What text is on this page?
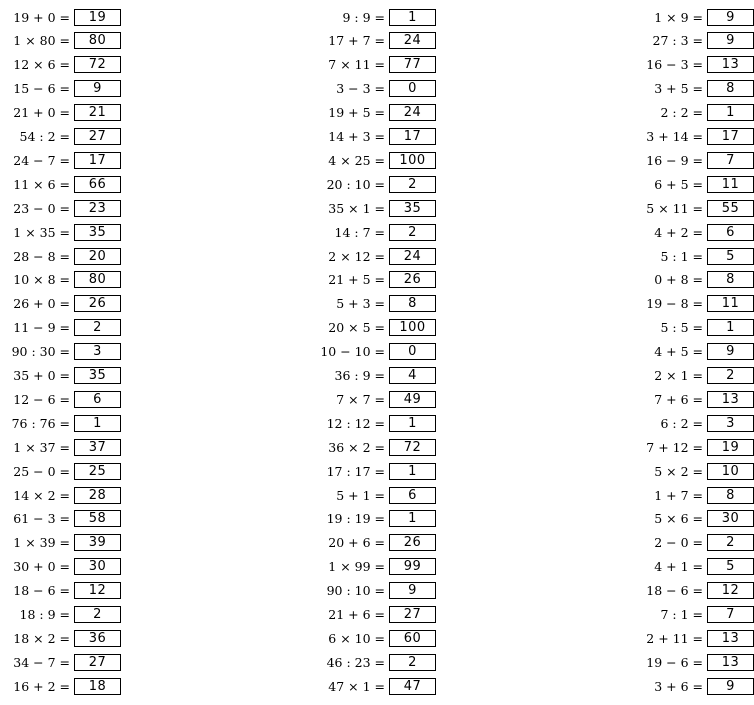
19 + 0 =	19
1 × 80 =	80
12 × 6 =	72
15 − 6 =	9
21 + 0 =	21
54 : 2 =	27
24 − 7 =	17
11 × 6 =	66
23 − 0 =	23
1 × 35 =	35
28 − 8 =	20
10 × 8 =	80
26 + 0 =	26
11 − 9 =	2
90 : 30 =	3
35 + 0 =	35
12 − 6 =	6
76 : 76 =	1
1 × 37 =	37
25 − 0 =	25
14 × 2 =	28
61 − 3 =	58
1 × 39 =	39
30 + 0 =	30
18 − 6 =	12
18 : 9 =	2
18 × 2 =	36
34 − 7 =	27
16 + 2 =	18
9 : 9 =	1
17 + 7 =	24
7 × 11 =	77
3 − 3 =	0
19 + 5 =	24
14 + 3 =	17
4 × 25 =	100
20 : 10 =	2
35 × 1 =	35
14 : 7 =	2
2 × 12 =	24
21 + 5 =	26
5 + 3 =	8
20 × 5 =	100
10 − 10 =	0
36 : 9 =	4
7 × 7 =	49
12 : 12 =	1
36 × 2 =	72
17 : 17 =	1
5 + 1 =	6
19 : 19 =	1
20 + 6 =	26
1 × 99 =	99
90 : 10 =	9
21 + 6 =	27
6 × 10 =	60
46 : 23 =	2
47 × 1 =	47
1 × 9 =	9
27 : 3 =	9
16 − 3 =	13
3 + 5 =	8
2 : 2 =	1
3 + 14 =	17
16 − 9 =	7
6 + 5 =	11
5 × 11 =	55
4 + 2 =	6
5 : 1 =	5
0 + 8 =	8
19 − 8 =	11
5 : 5 =	1
4 + 5 =	9
2 × 1 =	2
7 + 6 =	13
6 : 2 =	3
7 + 12 =	19
5 × 2 =	10
1 + 7 =	8
5 × 6 =	30
2 − 0 =	2
4 + 1 =	5
18 − 6 =	12
7 : 1 =	7
2 + 11 =	13
19 − 6 =	13
3 + 6 =	9
